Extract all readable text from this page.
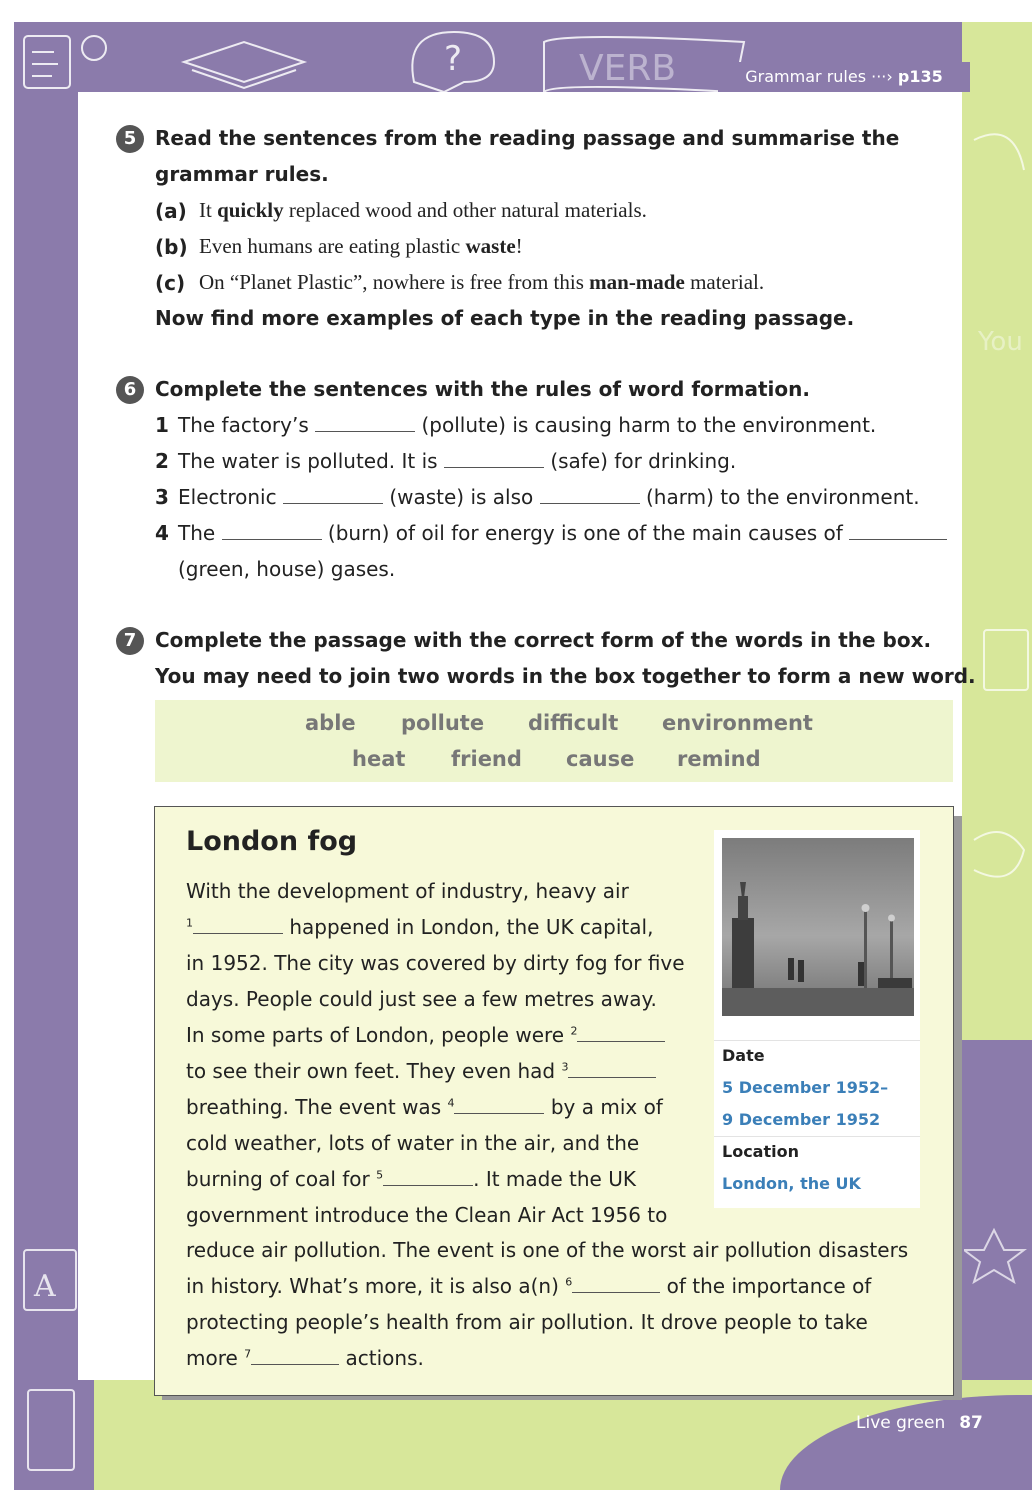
?	VERB
A
You
Grammar rules ···› p135
5 Read the sentences from the reading passage and summarise the
grammar rules.
(a) It quickly replaced wood and other natural materials.
(b) Even humans are eating plastic waste!
(c) On “Planet Plastic”, nowhere is free from this man-made material.
Now find more examples of each type in the reading passage.
6 Complete the sentences with the rules of word formation.
1 The factory’s	(pollute) is causing harm to the environment.
2 The water is polluted. It is	(safe) for drinking.
3 Electronic	(waste) is also	(harm) to the environment.
4 The	(burn) of oil for energy is one of the main causes of
(green, house) gases.
7 Complete the passage with the correct form of the words in the box.
You may need to join two words in the box together to form a new word.
able pollute difficult environment
heat friend cause remind
London fog
With the development of industry, heavy air
$^1$	happened in London, the UK capital,
in 1952. The city was covered by dirty fog for five
days. People could just see a few metres away.
In some parts of London, people were $^2$
to see their own feet. They even had $^3$
breathing. The event was $^4$	by a mix of
cold weather, lots of water in the air, and the
burning of coal for $^5$	. It made the UK
government introduce the Clean Air Act 1956 to
reduce air pollution. The event is one of the worst air pollution disasters
in history. What’s more, it is also a(n) $^6$	of the importance of
protecting people’s health from air pollution. It drove people to take
more $^7$	actions.
Date
5 December 1952–
9 December 1952
Location
London, the UK
Live green 87
